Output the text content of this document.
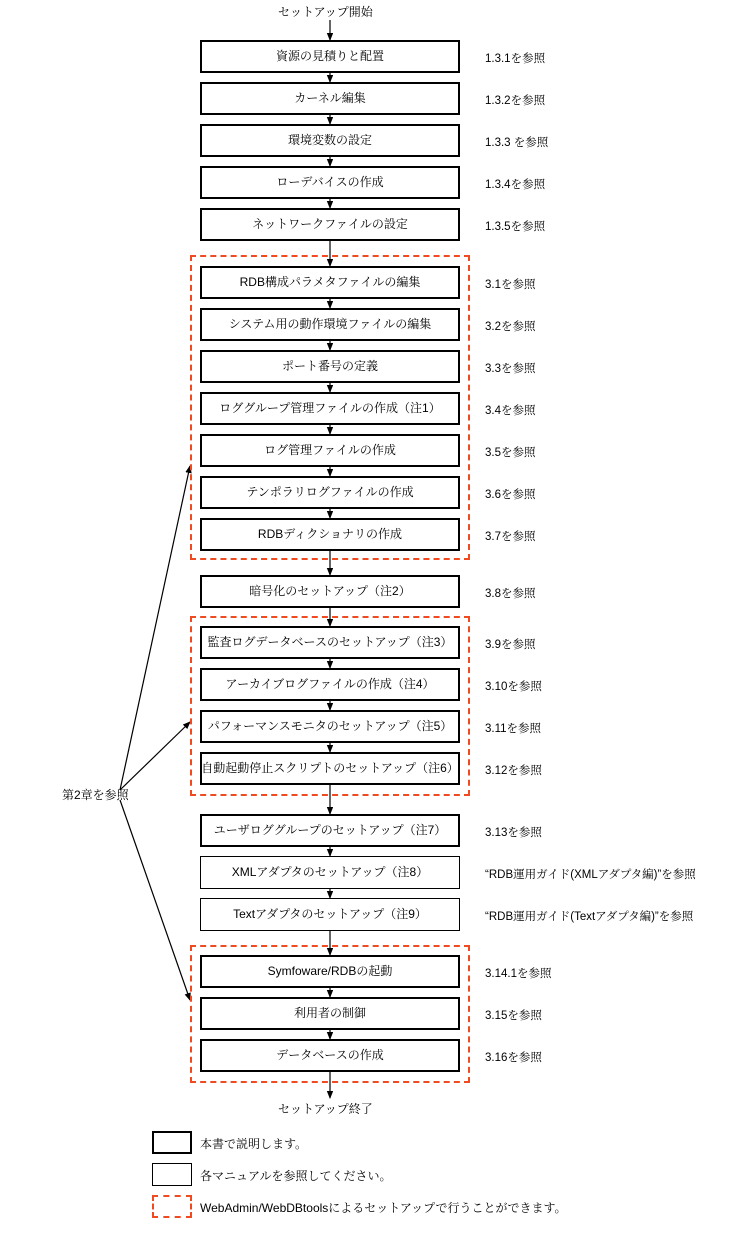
セットアップ開始
セットアップ終了
第2章を参照
資源の見積りと配置	1.3.1を参照
カーネル編集	1.3.2を参照
環境変数の設定	1.3.3 を参照
ローデバイスの作成	1.3.4を参照
ネットワークファイルの設定	1.3.5を参照
RDB構成パラメタファイルの編集	3.1を参照
システム用の動作環境ファイルの編集	3.2を参照
ポート番号の定義	3.3を参照
ロググループ管理ファイルの作成（注1）	3.4を参照
ログ管理ファイルの作成	3.5を参照
テンポラリログファイルの作成	3.6を参照
RDBディクショナリの作成	3.7を参照
暗号化のセットアップ（注2）	3.8を参照
監査ログデータベースのセットアップ（注3）	3.9を参照
アーカイブログファイルの作成（注4）	3.10を参照
パフォーマンスモニタのセットアップ（注5）	3.11を参照
自動起動停止スクリプトのセットアップ（注6） 3.12を参照
ユーザロググループのセットアップ（注7）	3.13を参照
XMLアダプタのセットアップ（注8）	“RDB運用ガイド(XMLアダプタ編)”を参照
Textアダプタのセットアップ（注9）	“RDB運用ガイド(Textアダプタ編)”を参照
Symfoware/RDBの起動	3.14.1を参照
利用者の制御	3.15を参照
データベースの作成	3.16を参照
本書で説明します。
各マニュアルを参照してください。
WebAdmin/WebDBtoolsによるセットアップで行うことができます。
